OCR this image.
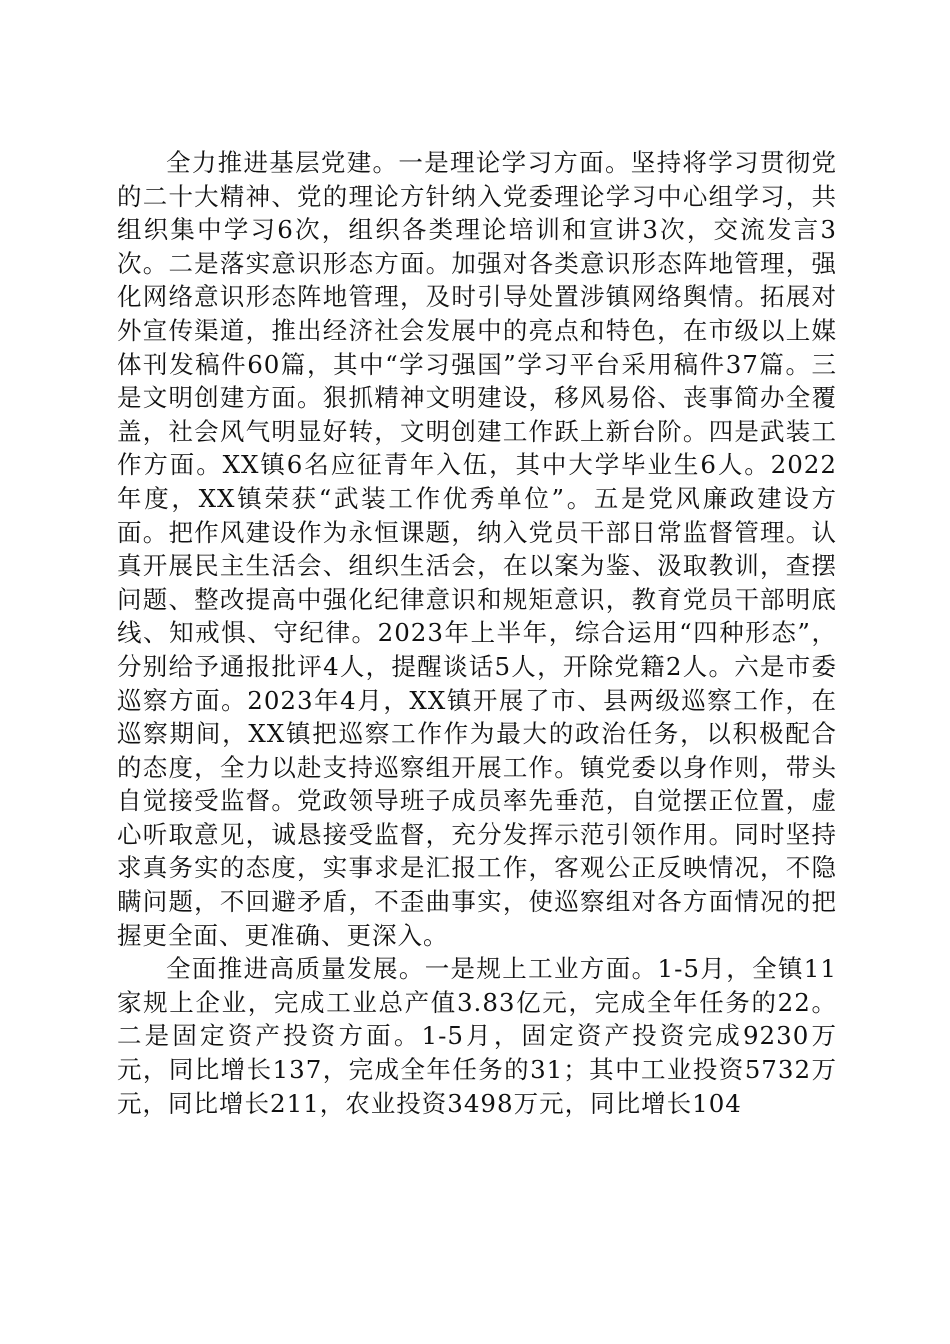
全力推进基层党建。一是理论学习方面。坚持将学习贯彻党的二十大精神、党的理论方针纳入党委理论学习中心组学习，共组织集中学习6次，组织各类理论培训和宣讲3次，交流发言3次。二是落实意识形态方面。加强对各类意识形态阵地管理，强化网络意识形态阵地管理，及时引导处置涉镇网络舆情。拓展对外宣传渠道，推出经济社会发展中的亮点和特色，在市级以上媒体刊发稿件60篇，其中“学习强国”学习平台采用稿件37篇。三是文明创建方面。狠抓精神文明建设，移风易俗、丧事简办全覆盖，社会风气明显好转，文明创建工作跃上新台阶。四是武装工作方面。XX镇6名应征青年入伍，其中大学毕业生6人。2022年度，XX镇荣获“武装工作优秀单位”。五是党风廉政建设方面。把作风建设作为永恒课题，纳入党员干部日常监督管理。认真开展民主生活会、组织生活会，在以案为鉴、汲取教训，查摆问题、整改提高中强化纪律意识和规矩意识，教育党员干部明底线、知戒惧、守纪律。2023年上半年，综合运用“四种形态”，分别给予通报批评4人，提醒谈话5人，开除党籍2人。六是市委巡察方面。2023年4月，XX镇开展了市、县两级巡察工作，在巡察期间，XX镇把巡察工作作为最大的政治任务，以积极配合的态度，全力以赴支持巡察组开展工作。镇党委以身作则，带头自觉接受监督。党政领导班子成员率先垂范，自觉摆正位置，虚心听取意见，诚恳接受监督，充分发挥示范引领作用。同时坚持求真务实的态度，实事求是汇报工作，客观公正反映情况，不隐瞒问题，不回避矛盾，不歪曲事实，使巡察组对各方面情况的把握更全面、更准确、更深入。

全面推进高质量发展。一是规上工业方面。1-5月，全镇11家规上企业，完成工业总产值3.83亿元，完成全年任务的22。二是固定资产投资方面。1-5月，固定资产投资完成9230万元，同比增长137，完成全年任务的31；其中工业投资5732万元，同比增长211，农业投资3498万元，同比增长104
